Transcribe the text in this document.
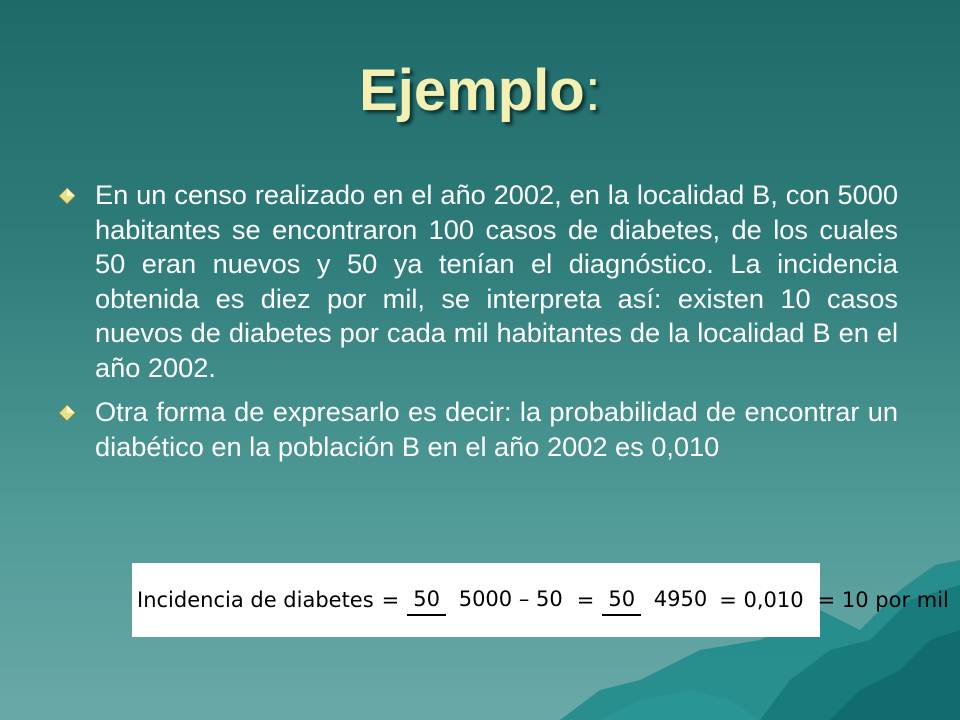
Ejemplo:
En un censo realizado en el año 2002, en la localidad B, con 5000 habitantes se encontraron 100 casos de diabetes, de los cuales 50 eran nuevos y 50 ya tenían el diagnóstico. La incidencia obtenida es diez por mil, se interpreta así: existen 10 casos nuevos de diabetes por cada mil habitantes de la localidad B en el año 2002.
Otra forma de expresarlo es decir: la probabilidad de encontrar un diabético en la población B en el año 2002 es 0,010
Incidencia de diabetes = 50 5000 – 50 = 50 4950 = 0,010 = 10 por mil
